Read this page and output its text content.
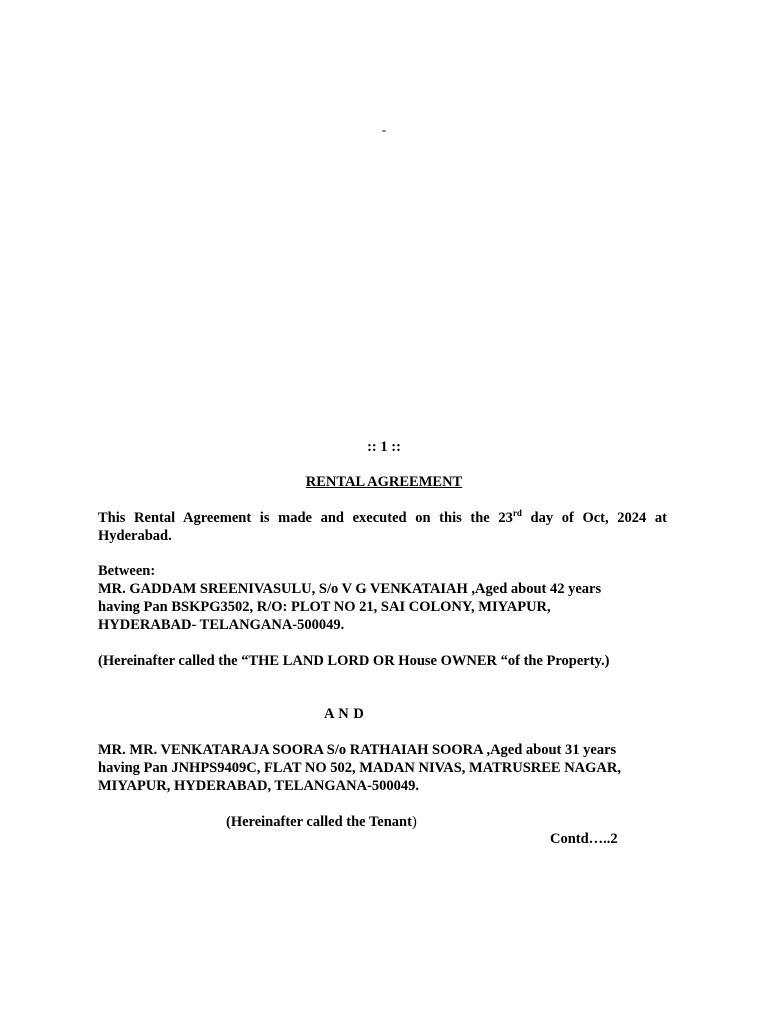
-
:: 1 ::
RENTAL AGREEMENT
This Rental Agreement is made and executed on this the 23rd day of Oct, 2024 at
Hyderabad.
Between:
MR. GADDAM SREENIVASULU, S/o V G VENKATAIAH ,Aged about 42 years
having Pan BSKPG3502, R/O: PLOT NO 21, SAI COLONY, MIYAPUR,
HYDERABAD- TELANGANA-500049.
(Hereinafter called the “THE LAND LORD OR House OWNER “of the Property.)
A N D
MR. MR. VENKATARAJA SOORA S/o RATHAIAH SOORA ,Aged about 31 years
having Pan JNHPS9409C, FLAT NO 502, MADAN NIVAS, MATRUSREE NAGAR,
MIYAPUR, HYDERABAD, TELANGANA-500049.
(Hereinafter called the Tenant)
Contd…..2
